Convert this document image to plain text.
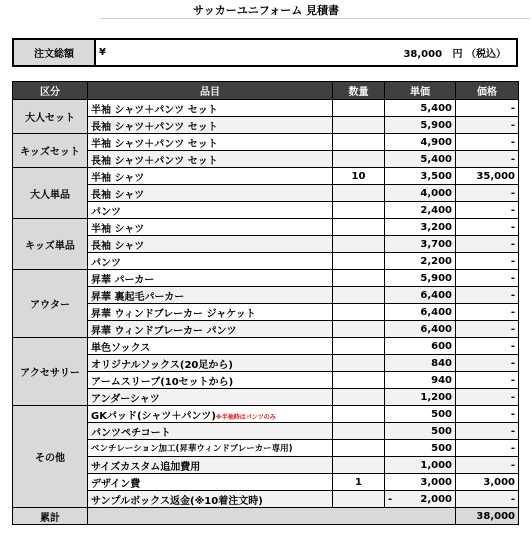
サッカーユニフォーム 見積書
注文総額	¥	38,000 円 （税込）
区分	品目	数量	単価	価格
大人セット	半袖 シャツ＋パンツ セット		5,400	-
	長袖 シャツ＋パンツ セット		5,900	-
キッズセット	半袖 シャツ＋パンツ セット		4,900	-
	長袖 シャツ＋パンツ セット		5,400	-
大人単品	半袖 シャツ	10	3,500	35,000
	長袖 シャツ		4,000	-
	パンツ		2,400	-
キッズ単品	半袖 シャツ		3,200	-
	長袖 シャツ		3,700	-
	パンツ		2,200	-
アウター	昇華 パーカー		5,900	-
	昇華 裏起毛パーカー		6,400	-
	昇華 ウィンドブレーカー ジャケット		6,400	-
	昇華 ウィンドブレーカー パンツ		6,400	-
アクセサリー	単色ソックス		600	-
	オリジナルソックス(20足から)		840	-
	アームスリーブ(10セットから)		940	-
	アンダーシャツ		1,200	-
その他	GKパッド(シャツ＋パンツ)※半袖時はパンツのみ		500	-
	パンツペチコート		500	-
	ベンチレーション加工(昇華ウィンドブレーカー専用)		500	-
	サイズカスタム追加費用		1,000	-
	デザイン費	1	3,000	3,000
	サンプルボックス返金(※10着注文時)		- 2,000	-
累計				38,000
